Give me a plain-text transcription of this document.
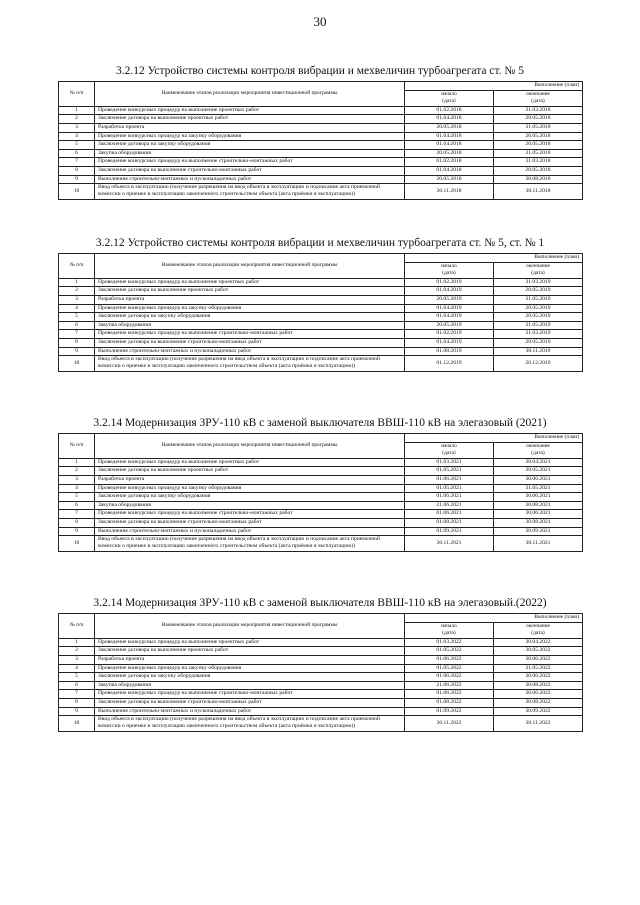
30
3.2.12 Устройство системы контроля вибрации и мехвеличин турбоагрегата ст. № 5
№ п/п	Наименование этапов реализации мероприятия инвестиционной программы	Выполнение (план)	
		начало	окончание
		(дата)	(дата)
1	Проведение конкурсных процедур на выполнение проектных работ	01.02.2018	31.03.2018
2	Заключение договора на выполнение проектных работ	01.04.2018	20.05.2018
3	Разработка проекта	20.05.2018	31.05.2018
4	Проведение конкурсных процедур на закупку оборудования	01.04.2018	20.05.2018
5	Заключение договора на закупку оборудования	01.04.2018	20.05.2018
6	Закупка оборудования	20.05.2018	31.05.2018
7	Проведение конкурсных процедур на выполнение строительно-монтажных работ	01.02.2018	31.03.2018
8	Заключение договора на выполнение строительно-монтажных работ	01.04.2018	20.05.2018
9	Выполнение строительно-монтажных и пусконаладочных работ	20.05.2018	30.08.2018
10	Ввод объекта в эксплуатацию (получение разрешения на ввод объекта в эксплуатацию и подписание акта приемочной комиссии о приемке в эксплуатацию законченного строительством объекта (акта приёмки в эксплуатацию))	30.11.2018	30.11.2018
3.2.12 Устройство системы контроля вибрации и мехвеличин турбоагрегата ст. № 5, ст. № 1
№ п/п	Наименование этапов реализации мероприятия инвестиционной программы	Выполнение (план)	
		начало	окончание
		(дата)	(дата)
1	Проведение конкурсных процедур на выполнение проектных работ	01.02.2019	31.03.2019
2	Заключение договора на выполнение проектных работ	01.04.2019	20.05.2019
3	Разработка проекта	20.05.2019	31.05.2019
4	Проведение конкурсных процедур на закупку оборудования	01.04.2019	20.05.2019
5	Заключение договора на закупку оборудования	01.04.2019	20.05.2019
6	Закупка оборудования	20.05.2019	31.05.2019
7	Проведение конкурсных процедур на выполнение строительно-монтажных работ	01.02.2019	31.03.2019
8	Заключение договора на выполнение строительно-монтажных работ	01.04.2019	20.05.2019
9	Выполнение строительно-монтажных и пусконаладочных работ	01.08.2019	30.11.2019
10	Ввод объекта в эксплуатацию (получение разрешения на ввод объекта в эксплуатацию и подписание акта приемочной комиссии о приемке в эксплуатацию законченного строительством объекта (акта приёмки в эксплуатацию))	01.12.2019	20.12.2019
3.2.14 Модернизация ЗРУ-110 кВ с заменой выключателя ВВШ-110 кВ на элегазовый (2021)
№ п/п	Наименование этапов реализации мероприятия инвестиционной программы	Выполнение (план)	
		начало	окончание
		(дата)	(дата)
1	Проведение конкурсных процедур на выполнение проектных работ	01.03.2021	30.04.2021
2	Заключение договора на выполнение проектных работ	01.05.2021	30.05.2021
3	Разработка проекта	01.06.2021	30.06.2021
4	Проведение конкурсных процедур на закупку оборудования	01.05.2021	31.05.2021
5	Заключение договора на закупку оборудования	01.06.2021	30.06.2021
6	Закупка оборудования	21.06.2021	30.08.2021
7	Проведение конкурсных процедур на выполнение строительно-монтажных работ	01.06.2021	30.06.2021
8	Заключение договора на выполнение строительно-монтажных работ	01.08.2021	30.08.2021
9	Выполнение строительно-монтажных и пусконаладочных работ	01.09.2021	30.09.2021
10	Ввод объекта в эксплуатацию (получение разрешения на ввод объекта в эксплуатацию и подписание акта приемочной комиссии о приемке в эксплуатацию законченного строительством объекта (акта приёмки в эксплуатацию))	30.11.2021	30.11.2021
3.2.14 Модернизация ЗРУ-110 кВ с заменой выключателя ВВШ-110 кВ на элегазовый.(2022)
№ п/п	Наименование этапов реализации мероприятия инвестиционной программы	Выполнение (план)	
		начало	окончание
		(дата)	(дата)
1	Проведение конкурсных процедур на выполнение проектных работ	01.03.2022	30.04.2022
2	Заключение договора на выполнение проектных работ	01.05.2022	30.05.2022
3	Разработка проекта	01.06.2022	30.06.2022
4	Проведение конкурсных процедур на закупку оборудования	01.05.2022	31.05.2022
5	Заключение договора на закупку оборудования	01.06.2022	30.06.2022
6	Закупка оборудования	21.06.2022	30.08.2022
7	Проведение конкурсных процедур на выполнение строительно-монтажных работ	01.06.2022	30.06.2022
8	Заключение договора на выполнение строительно-монтажных работ	01.08.2022	30.08.2022
9	Выполнение строительно-монтажных и пусконаладочных работ	01.09.2022	30.09.2022
10	Ввод объекта в эксплуатацию (получение разрешения на ввод объекта в эксплуатацию и подписание акта приемочной комиссии о приемке в эксплуатацию законченного строительством объекта (акта приёмки в эксплуатацию))	30.11.2022	30.11.2022
